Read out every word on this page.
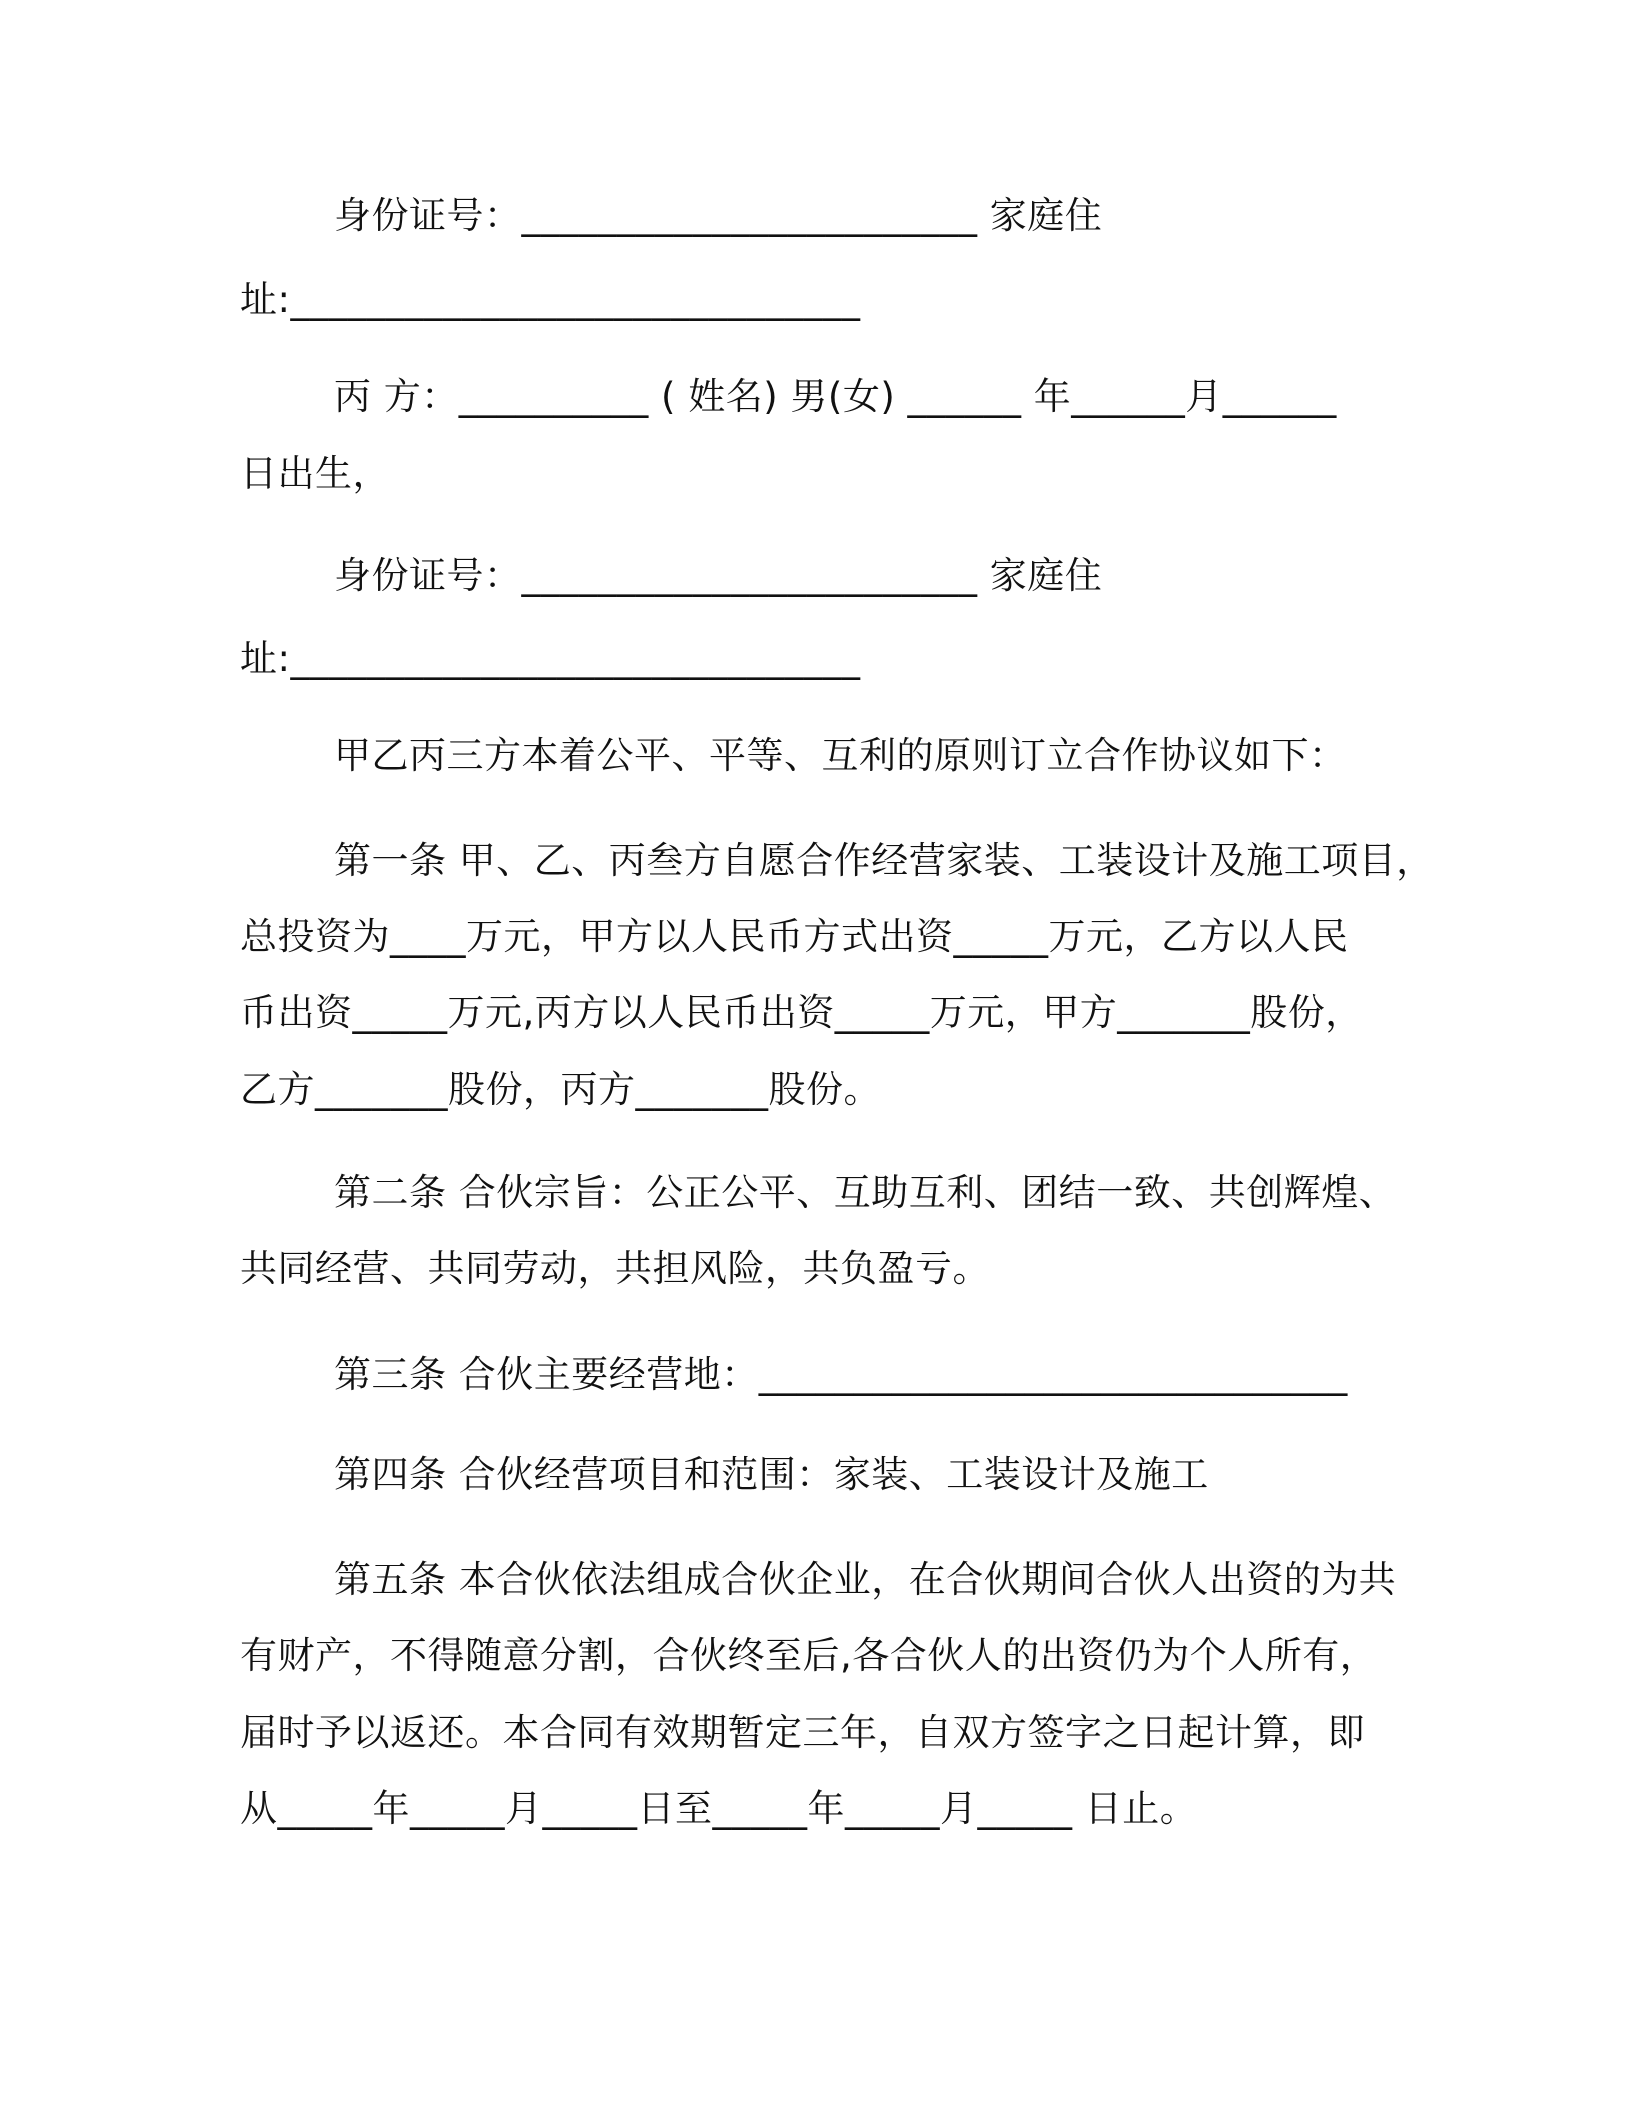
身份证号：________________________ 家庭住
址:______________________________
丙 方：__________ ( 姓名) 男(女) ______ 年______月______
日出生，
身份证号：________________________ 家庭住
址:______________________________
甲乙丙三方本着公平、平等、互利的原则订立合作协议如下：
第一条 甲、乙、丙叁方自愿合作经营家装、工装设计及施工项目，
总投资为____万元，甲方以人民币方式出资_____万元，乙方以人民
币出资_____万元,丙方以人民币出资_____万元，甲方_______股份，
乙方_______股份，丙方_______股份。
第二条 合伙宗旨：公正公平、互助互利、团结一致、共创辉煌、
共同经营、共同劳动，共担风险，共负盈亏。
第三条 合伙主要经营地：_______________________________
第四条 合伙经营项目和范围：家装、工装设计及施工
第五条 本合伙依法组成合伙企业，在合伙期间合伙人出资的为共
有财产，不得随意分割，合伙终至后,各合伙人的出资仍为个人所有，
届时予以返还。本合同有效期暂定三年，自双方签字之日起计算，即
从_____年_____月_____日至_____年_____月_____ 日止。
